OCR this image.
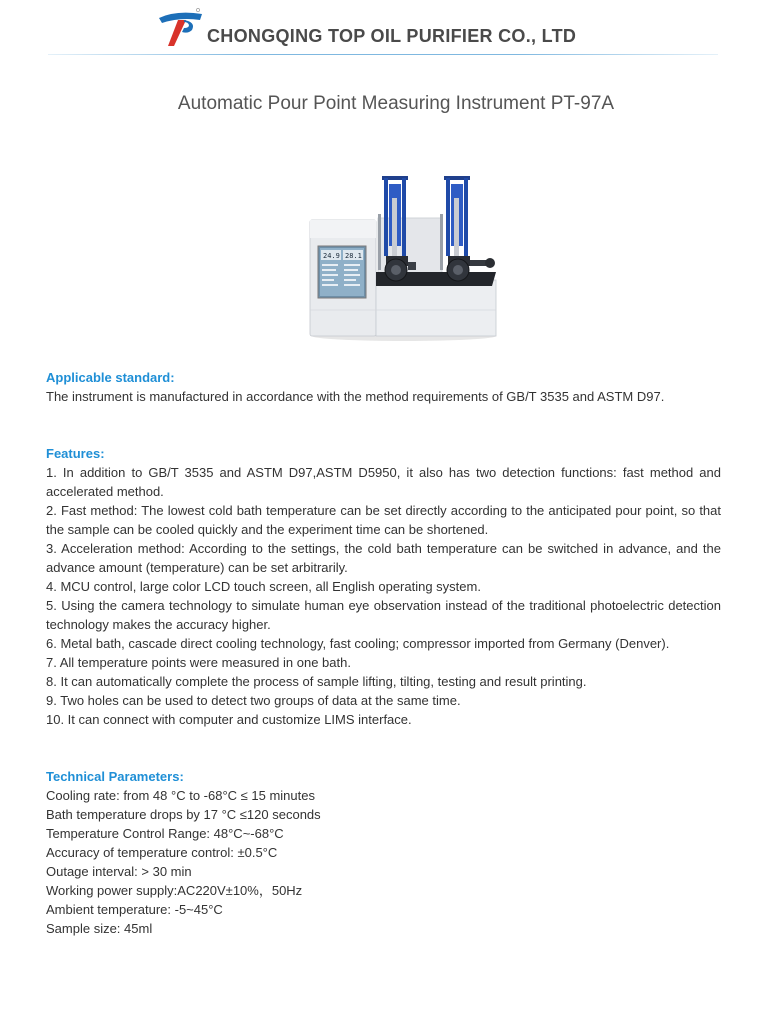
CHONGQING TOP OIL PURIFIER CO., LTD
Automatic Pour Point Measuring Instrument PT-97A
24.9 28.1
Applicable standard:

The instrument is manufactured in accordance with the method requirements of GB/T 3535 and ASTM D97.

Features:
1. In addition to GB/T 3535 and ASTM D97,ASTM D5950, it also has two detection functions: fast method and accelerated method.
2. Fast method: The lowest cold bath temperature can be set directly according to the anticipated pour point, so that the sample can be cooled quickly and the experiment time can be shortened.
3. Acceleration method: According to the settings, the cold bath temperature can be switched in advance, and the advance amount (temperature) can be set arbitrarily.
4. MCU control, large color LCD touch screen, all English operating system.
5. Using the camera technology to simulate human eye observation instead of the traditional photoelectric detection technology makes the accuracy higher.
6. Metal bath, cascade direct cooling technology, fast cooling; compressor imported from Germany (Denver).
7. All temperature points were measured in one bath.
8. It can automatically complete the process of sample lifting, tilting, testing and result printing.
9. Two holes can be used to detect two groups of data at the same time.
10. It can connect with computer and customize LIMS interface.
Technical Parameters:
Cooling rate: from 48 °C to -68°C ≤ 15 minutes
Bath temperature drops by 17 °C ≤120 seconds
Temperature Control Range: 48°C~-68°C
Accuracy of temperature control: ±0.5°C
Outage interval: > 30 min
Working power supply:AC220V±10%，50Hz
Ambient temperature: -5~45°C
Sample size: 45ml
